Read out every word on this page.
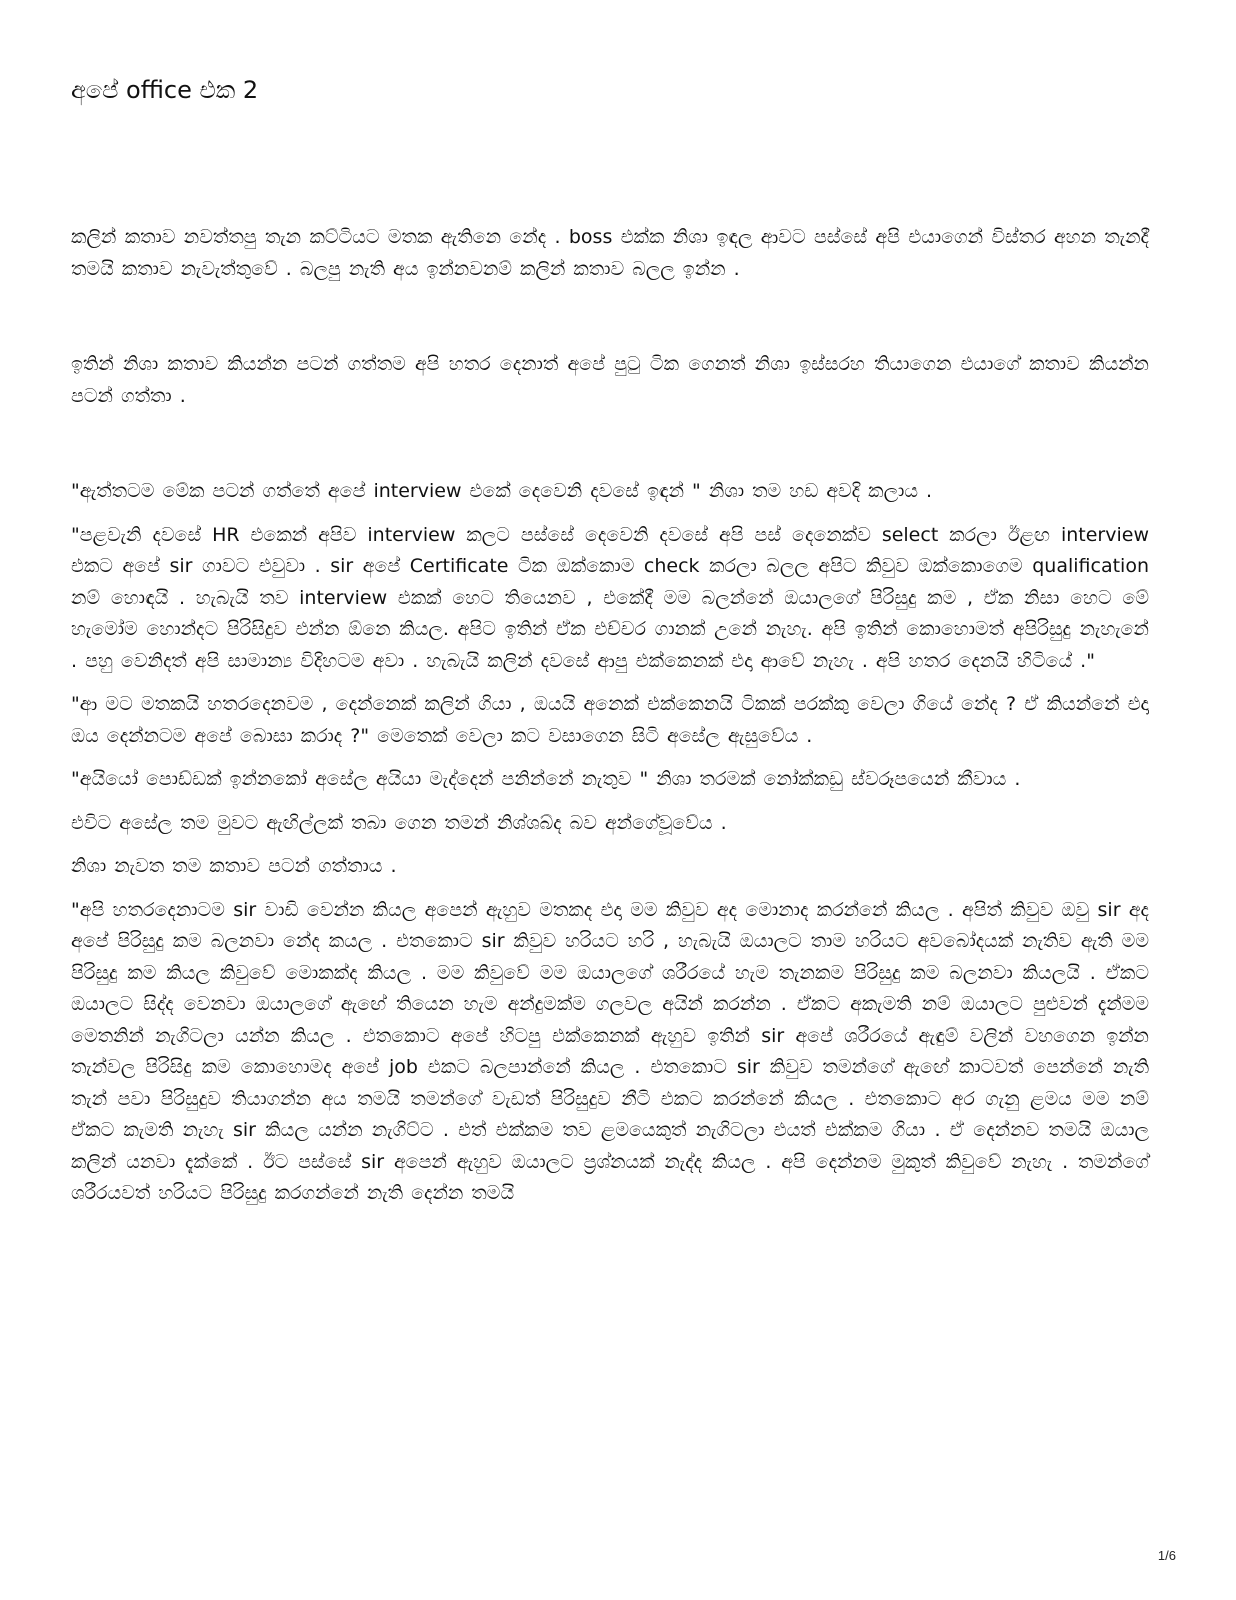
අපේ office එක 2

කලින් කතාව නවත්තපු තැන කට්ටියට මතක ඇතිනෙ නේද . boss එක්ක නිශා ඉඳල ආවට පස්සේ අපි එයාගෙන් විස්තර අහන තැනදී තමයි කතාව නැවැත්තුවේ . බලපු නැති අය ඉන්නවනම් කලින් කතාව බලල ඉන්න .

ඉතින් නිශා කතාව කියන්න පටන් ගත්තම අපි හතර දෙනාත් අපේ පුටු ටික ගෙනත් නිශා ඉස්සරහ තියාගෙන එයාගේ කතාව කියන්න පටන් ගත්තා .

"ඇත්තටම මේක පටන් ගත්තේ අපේ interview එකේ දෙවෙනි දවසේ ඉඳන් " නිශා තම හඩ අවදි කලාය .

"පළවැනි දවසේ HR එකෙන් අපිව interview කලට පස්සේ දෙවෙනි දවසේ අපි පස් දෙනෙක්ව select කරලා ඊළඟ interview එකට අපේ sir ගාවට එවුවා . sir අපේ Certificate ටික ඔක්කොම check කරලා බලල අපිට කිවුව ඔක්කොගෙම qualification නම් හොඳයි . හැබැයි තව interview එකක් හෙට තියෙනව , එකේදී මම බලන්නේ ඔයාලගේ පිරිසුදු කම , ඒක නිසා හෙට මේ හැමෝම හොන්දට පිරිසිදුව එන්න ඕනෙ කියල. අපිට ඉතින් ඒක එච්චර ගානක් උනේ නැහැ. අපි ඉතින් කොහොමත් අපිරිසුදු නැහැනේ . පහු වෙනිදත් අපි සාමාන්‍ය විදිහටම අවා . හැබැයි කලින් දවසේ ආපු එක්කෙනක් එදා ආවේ නැහැ . අපි හතර දෙනයි හිටියේ ."

"ආ මට මතකයි හතරදෙනවම , දෙන්නෙක් කලින් ගියා , ඔයයි අනෙක් එක්කෙනයි ටිකක් පරක්කු වෙලා ගියේ නේද ? ඒ කියන්නේ එදා ඔය දෙන්නටම අපේ බොසා කරාද ?" මෙතෙක් වෙලා කට වසාගෙන සිටි අසේල ඇසුවේය .

"අයියෝ පොඩ්ඩක් ඉන්නකෝ අසේල අයියා මැද්දෙන් පනින්නේ නැතුව " නිශා තරමක් නෝක්කඩු ස්වරූපයෙන් කීවාය .

එවිට අසේල තම මුවට ඇඟිල්ලක් තබා ගෙන තමන් නිශ්ශබ්ද බව අන්ගේවූවේය .

නිශා නැවත තම කතාව පටන් ගත්තාය .

"අපි හතරදෙනාටම sir වාඩි වෙන්න කියල අපෙන් ඇහුව මතකද එදා මම කිවුව අද මොනාද කරන්නේ කියල . අපිත් කිවුව ඔවු sir අද අපේ පිරිසුදු කම බලනවා නේද කයල . එතකොට sir කිවුව හරියට හරි , හැබැයි ඔයාලට තාම හරියට අවබෝදයක් නැතිව ඇති මම පිරිසුදු කම කියල කිවුවේ මොකක්ද කියල . මම කිවුවේ මම ඔයාලගේ ශරීරයේ හැම තැනකම පිරිසුදු කම බලනවා කියලයි . ඒකට ඔයාලට සිද්ද වෙනවා ඔයාලගේ ඇඟේ තියෙන හැම අන්දුමක්ම ගලවල අයින් කරන්න . ඒකට අකැමති නම් ඔයාලට පුළුවන් දැන්මම මෙතනින් නැගිටලා යන්න කියල . එතකොට අපේ හිටපු එක්කෙනක් ඇහුව ඉතින් sir අපේ ශරීරයේ ඇඳුම් වලින් වහගෙන ඉන්න තැන්වල පිරිසිදු කම කොහොමද අපේ job එකට බලපාන්නේ කියල . එතකොට sir කිවුව තමන්ගේ ඇඟේ කාටවත් පෙන්නේ නැති තැන් පවා පිරිසුදුව තියාගන්න අය තමයි තමන්ගේ වැඩත් පිරිසුදුව නීටි එකට කරන්නේ කියල . එතකොට අර ගැනු ළමය මම නම් ඒකට කැමති නැහැ sir කියල යන්න නැගිට්ට . එත් එක්කම තව ළමයෙකුත් නැගිටලා එයත් එක්කම ගියා . ඒ දෙන්නව තමයි ඔයාල කලින් යනවා දැක්කේ . ඊට පස්සේ sir අපෙන් ඇහුව ඔයාලට ප්‍රශ්නයක් නැද්ද කියල . අපි දෙන්නම මුකුත් කිවුවේ නැහැ . තමන්ගේ ශරීරයවත් හරියට පිරිසුදු කරගන්නේ නැති දෙන්න තමයි

1/6
